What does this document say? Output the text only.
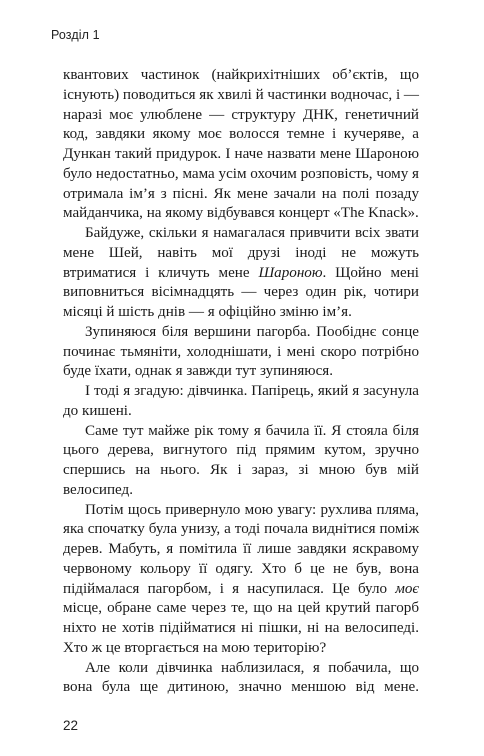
Розділ 1

квантових частинок (найкрихітніших об’єктів, що існують) поводиться як хвилі й частинки водночас, і — наразі моє улюблене — структуру ДНК, генетичний код, завдяки якому моє волосся темне і кучеряве, а Дункан такий придурок. І наче назвати мене Шароною було недостатньо, мама усім охочим розповість, чому я отримала ім’я з пісні. Як мене зачали на полі позаду майданчика, на якому відбувався концерт «The Knack».

Байдуже, скільки я намагалася привчити всіх звати мене Шей, навіть мої друзі іноді не можуть втриматися і кличуть мене Шароною. Щойно мені виповниться вісімнадцять — через один рік, чотири місяці й шість днів — я офіційно зміню ім’я.

Зупиняюся біля вершини пагорба. Пообіднє сонце починає тьмяніти, холоднішати, і мені скоро потрібно буде їхати, однак я завжди тут зупиняюся.

І тоді я згадую: дівчинка. Папірець, який я засунула до кишені.

Саме тут майже рік тому я бачила її. Я стояла біля цього дерева, вигнутого під прямим кутом, зручно спершись на нього. Як і зараз, зі мною був мій велосипед.

Потім щось привернуло мою увагу: рухлива пляма, яка спочатку була унизу, а тоді почала виднітися поміж дерев. Мабуть, я помітила її лише завдяки яскравому червоному кольору її одягу. Хто б це не був, вона підіймалася пагорбом, і я насупилася. Це було моє місце, обране саме через те, що на цей крутий пагорб ніхто не хотів підійматися ні пішки, ні на велосипеді. Хто ж це вторгається на мою територію?

Але коли дівчинка наблизилася, я побачила, що вона була ще дитиною, значно меншою від мене.

22
